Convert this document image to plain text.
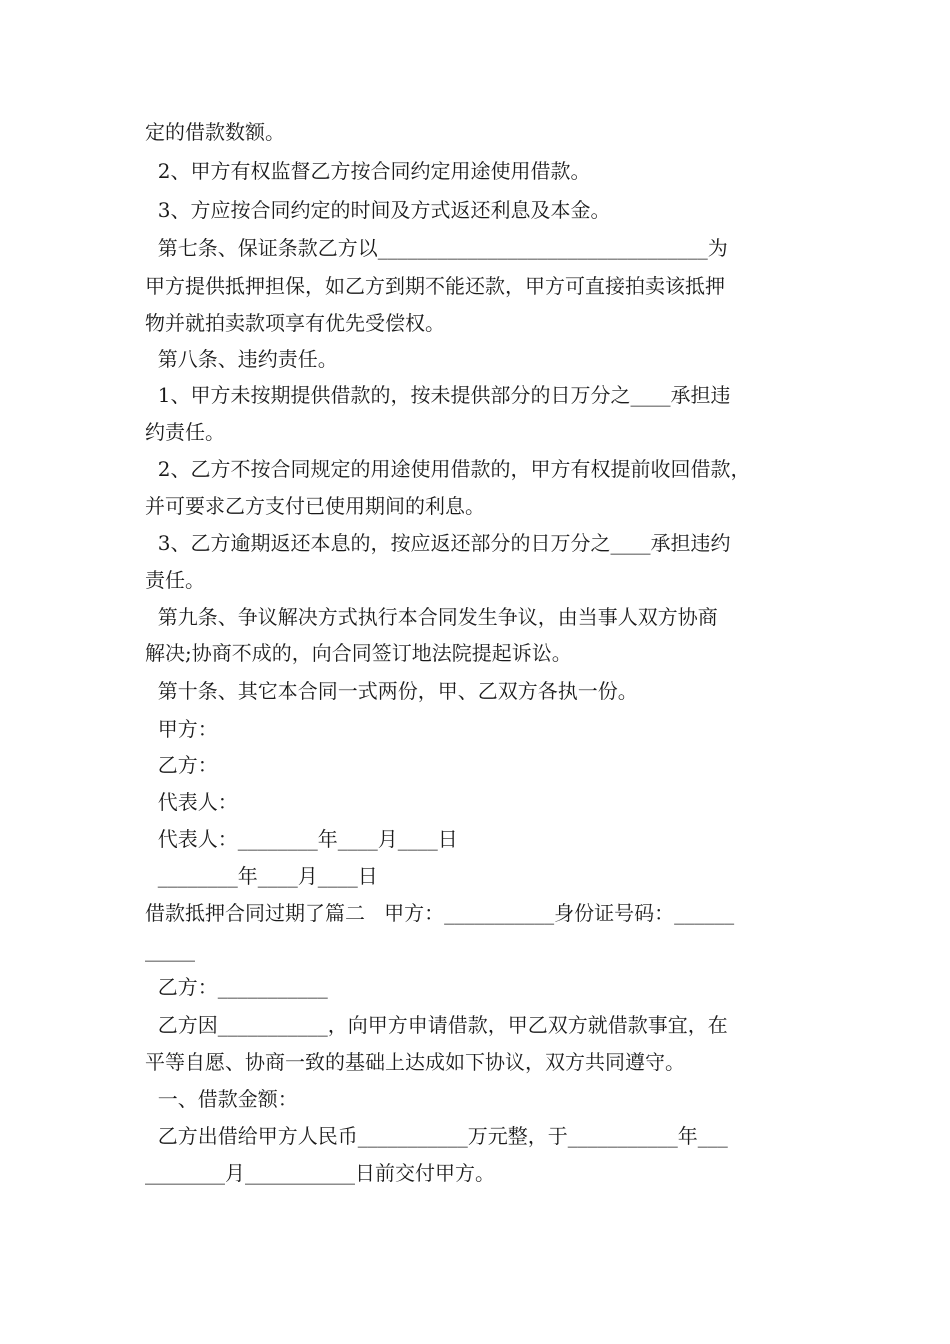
定的借款数额。
2、甲方有权监督乙方按合同约定用途使用借款。
3、方应按合同约定的时间及方式返还利息及本金。
第七条、保证条款乙方以_________________________________为
甲方提供抵押担保，如乙方到期不能还款，甲方可直接拍卖该抵押
物并就拍卖款项享有优先受偿权。
第八条、违约责任。
1、甲方未按期提供借款的，按未提供部分的日万分之____承担违
约责任。
2、乙方不按合同规定的用途使用借款的，甲方有权提前收回借款，
并可要求乙方支付已使用期间的利息。
3、乙方逾期返还本息的，按应返还部分的日万分之____承担违约
责任。
第九条、争议解决方式执行本合同发生争议，由当事人双方协商
解决;协商不成的，向合同签订地法院提起诉讼。
第十条、其它本合同一式两份，甲、乙双方各执一份。
甲方：
乙方：
代表人：
代表人：________年____月____日
________年____月____日
借款抵押合同过期了篇二   甲方：___________身份证号码：______
_____
乙方：___________
乙方因___________，向甲方申请借款，甲乙双方就借款事宜，在
平等自愿、协商一致的基础上达成如下协议，双方共同遵守。
一、借款金额：
乙方出借给甲方人民币___________万元整，于___________年___
________月___________日前交付甲方。
